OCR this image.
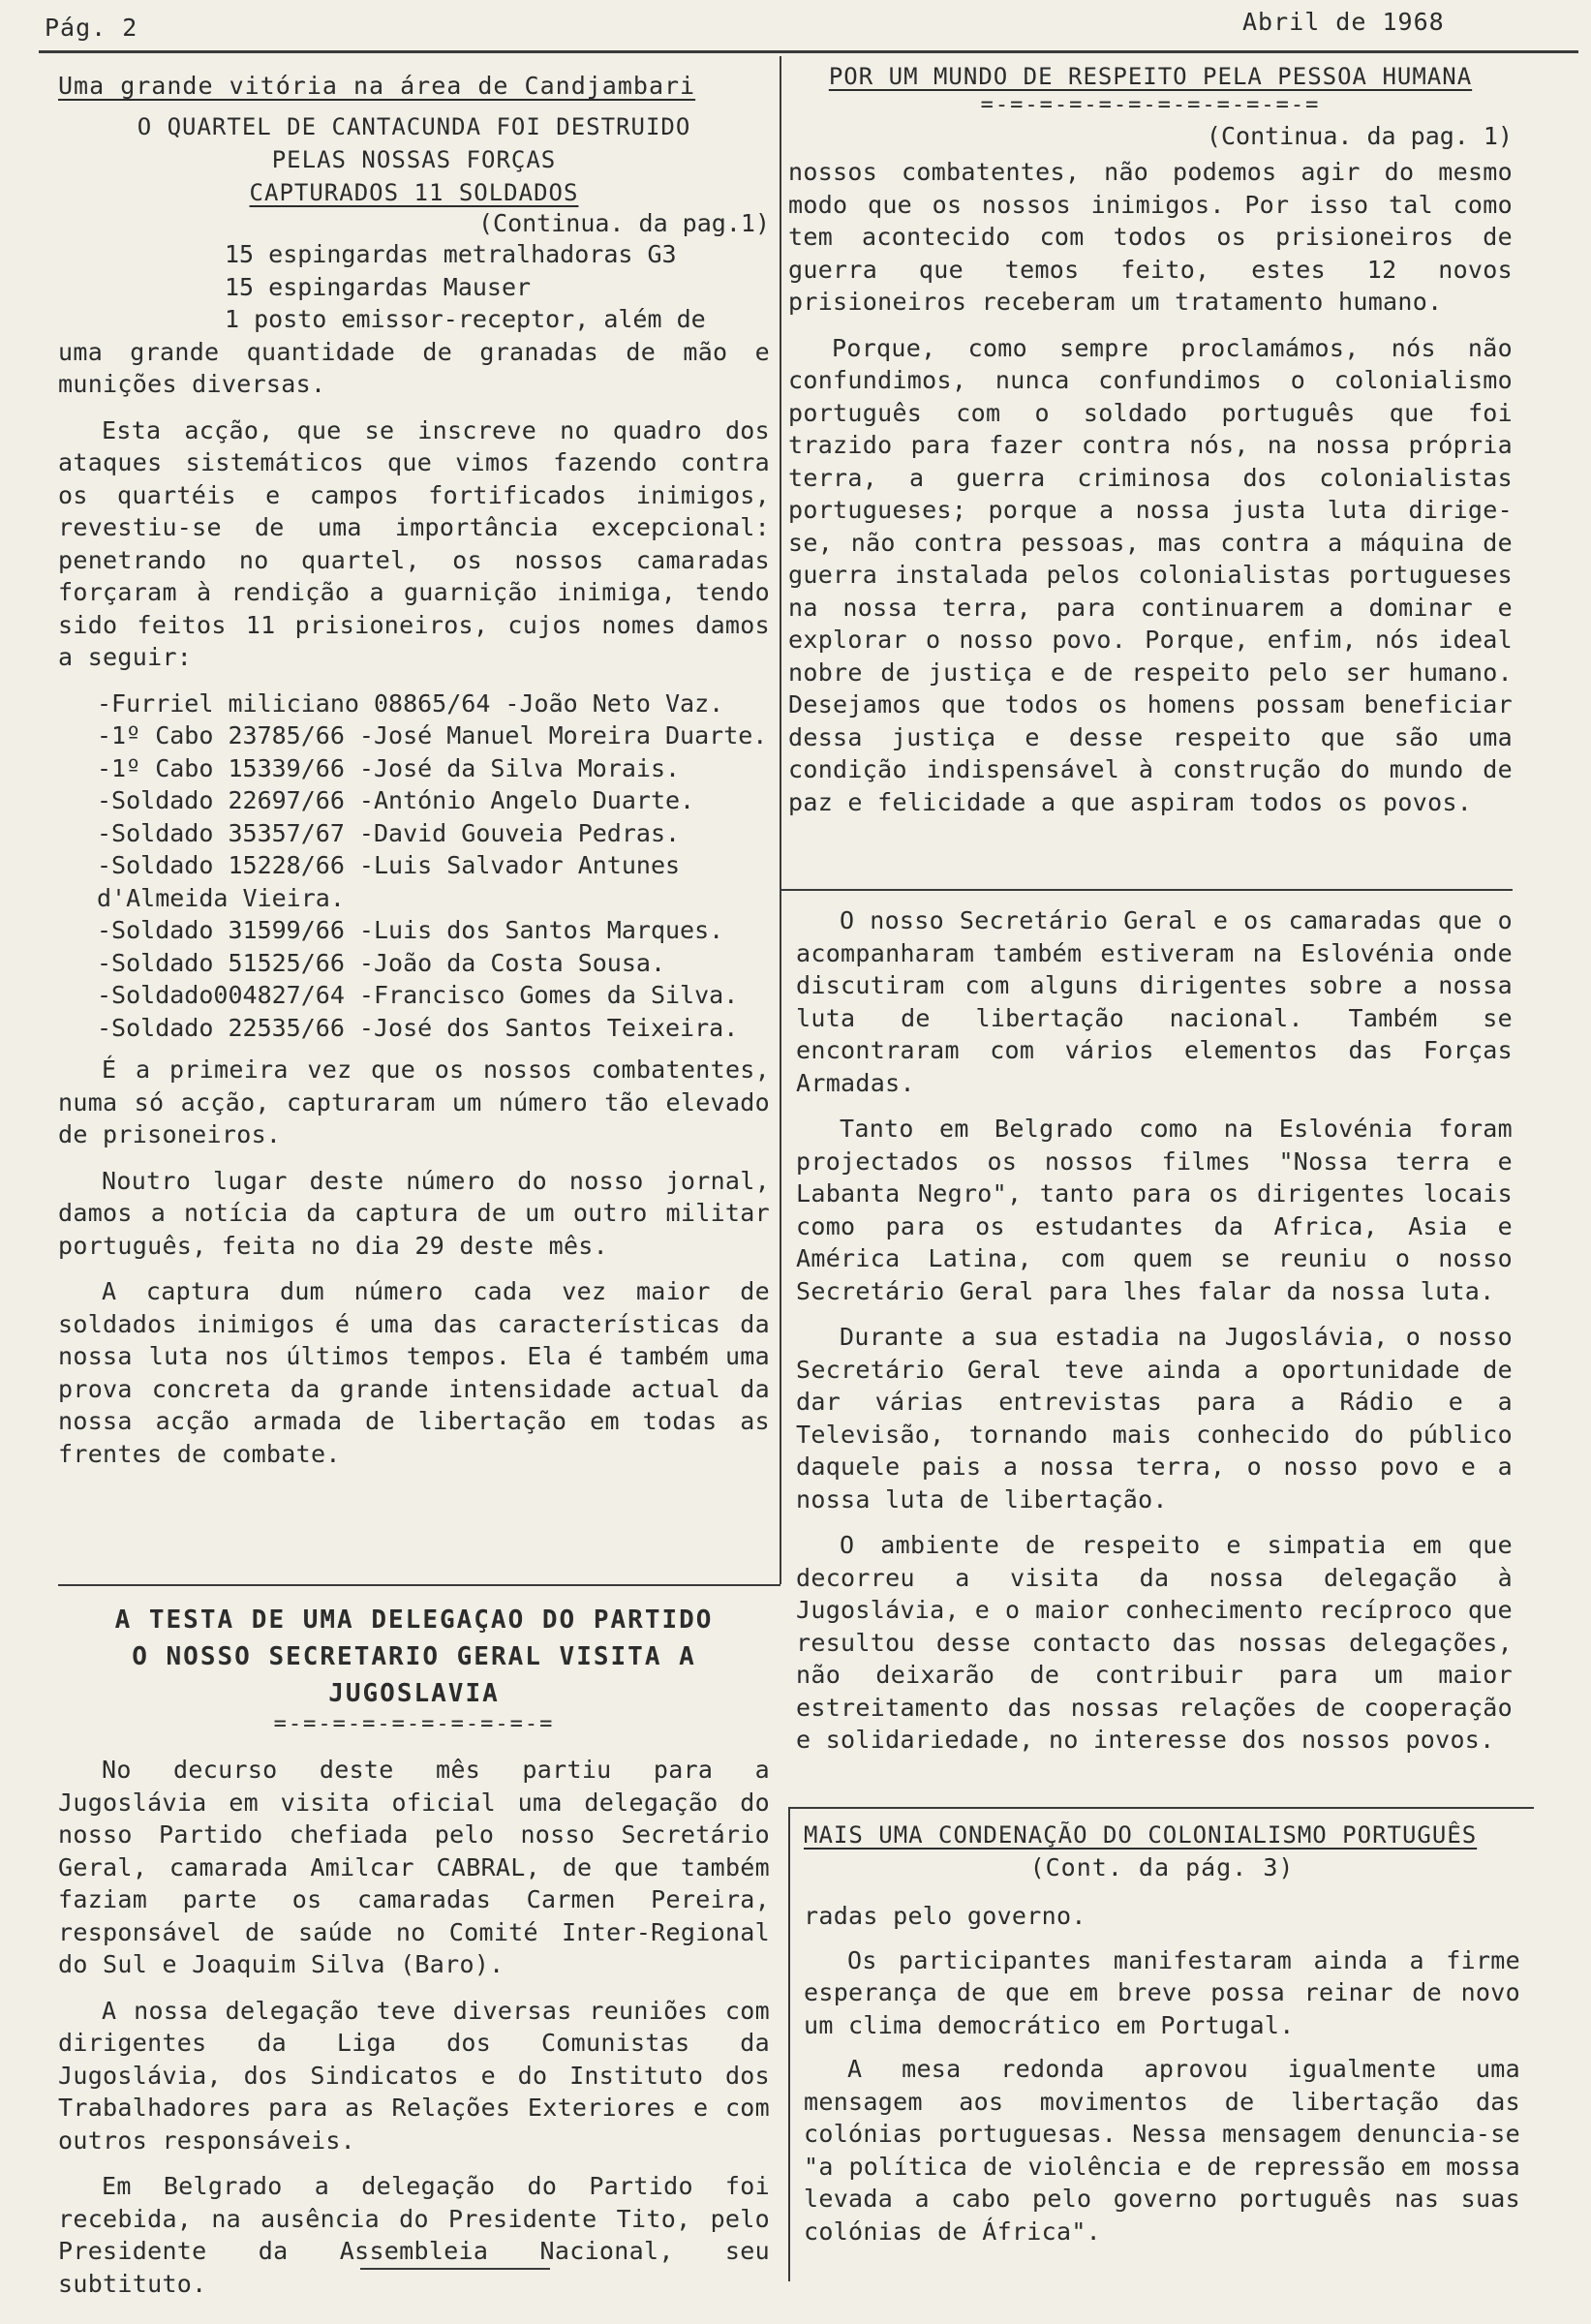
Pág. 2	Abril de 1968
Uma grande vitória na área de Candjambari
O QUARTEL DE CANTACUNDA FOI DESTRUIDO
PELAS NOSSAS FORÇAS
CAPTURADOS 11 SOLDADOS
(Continua. da pag.1)
15 espingardas metralhadoras G3
15 espingardas Mauser
1 posto emissor-receptor, além de

uma grande quantidade de granadas de mão e munições diversas.

Esta acção, que se inscreve no quadro dos ataques sistemáticos que vimos fazendo contra os quartéis e campos fortificados inimigos, revestiu-se de uma importância excepcional: penetrando no quartel, os nossos camaradas forçaram à rendição a guarnição inimiga, tendo sido feitos 11 prisioneiros, cujos nomes damos a seguir:

-Furriel miliciano 08865/64 -João Neto Vaz.
-1º Cabo 23785/66 -José Manuel Moreira Duarte.
-1º Cabo 15339/66 -José da Silva Morais.
-Soldado 22697/66 -António Angelo Duarte.
-Soldado 35357/67 -David Gouveia Pedras.
-Soldado 15228/66 -Luis Salvador Antunes d'Almeida Vieira.
-Soldado 31599/66 -Luis dos Santos Marques.
-Soldado 51525/66 -João da Costa Sousa.
-Soldado004827/64 -Francisco Gomes da Silva.
-Soldado 22535/66 -José dos Santos Teixeira.

É a primeira vez que os nossos combatentes, numa só acção, capturaram um número tão elevado de prisoneiros.

Noutro lugar deste número do nosso jornal, damos a notícia da captura de um outro militar português, feita no dia 29 deste mês.

A captura dum número cada vez maior de soldados inimigos é uma das características da nossa luta nos últimos tempos. Ela é também uma prova concreta da grande intensidade actual da nossa acção armada de libertação em todas as frentes de combate.

A TESTA DE UMA DELEGAÇAO DO PARTIDO
O NOSSO SECRETARIO GERAL VISITA A JUGOSLAVIA
=-=-=-=-=-=-=-=-=-=

No decurso deste mês partiu para a Jugoslávia em visita oficial uma delegação do nosso Partido chefiada pelo nosso Secretário Geral, camarada Amilcar CABRAL, de que também faziam parte os camaradas Carmen Pereira, responsável de saúde no Comité Inter-Regional do Sul e Joaquim Silva (Baro).

A nossa delegação teve diversas reuniões com dirigentes da Liga dos Comunistas da Jugoslávia, dos Sindicatos e do Instituto dos Trabalhadores para as Relações Exteriores e com outros responsáveis.

Em Belgrado a delegação do Partido foi recebida, na ausência do Presidente Tito, pelo Presidente da Assembleia Nacional, seu subtituto.

POR UM MUNDO DE RESPEITO PELA PESSOA HUMANA
=-=-=-=-=-=-=-=-=-=-=-=
(Continua. da pag. 1)

nossos combatentes, não podemos agir do mesmo modo que os nossos inimigos. Por isso tal como tem acontecido com todos os prisioneiros de guerra que temos feito, estes 12 novos prisioneiros receberam um tratamento humano.

Porque, como sempre proclamámos, nós não confundimos, nunca confundimos o colonialismo português com o soldado português que foi trazido para fazer contra nós, na nossa própria terra, a guerra criminosa dos colonialistas portugueses; porque a nossa justa luta dirige-se, não contra pessoas, mas contra a máquina de guerra instalada pelos colonialistas portugueses na nossa terra, para continuarem a dominar e explorar o nosso povo. Porque, enfim, nós ideal nobre de justiça e de respeito pelo ser humano. Desejamos que todos os homens possam beneficiar dessa justiça e desse respeito que são uma condição indispensável à construção do mundo de paz e felicidade a que aspiram todos os povos.

O nosso Secretário Geral e os camaradas que o acompanharam também estiveram na Eslovénia onde discutiram com alguns dirigentes sobre a nossa luta de libertação nacional. Também se encontraram com vários elementos das Forças Armadas.

Tanto em Belgrado como na Eslovénia foram projectados os nossos filmes "Nossa terra e Labanta Negro", tanto para os dirigentes locais como para os estudantes da Africa, Asia e América Latina, com quem se reuniu o nosso Secretário Geral para lhes falar da nossa luta.

Durante a sua estadia na Jugoslávia, o nosso Secretário Geral teve ainda a oportunidade de dar várias entrevistas para a Rádio e a Televisão, tornando mais conhecido do público daquele pais a nossa terra, o nosso povo e a nossa luta de libertação.

O ambiente de respeito e simpatia em que decorreu a visita da nossa delegação à Jugoslávia, e o maior conhecimento recíproco que resultou desse contacto das nossas delegações, não deixarão de contribuir para um maior estreitamento das nossas relações de cooperação e solidariedade, no interesse dos nossos povos.

MAIS UMA CONDENAÇÃO DO COLONIALISMO PORTUGUÊS
(Cont. da pág. 3)

radas pelo governo.

Os participantes manifestaram ainda a firme esperança de que em breve possa reinar de novo um clima democrático em Portugal.

A mesa redonda aprovou igualmente uma mensagem aos movimentos de libertação das colónias portuguesas. Nessa mensagem denuncia-se "a política de violência e de repressão em mossa levada a cabo pelo governo português nas suas colónias de África".
